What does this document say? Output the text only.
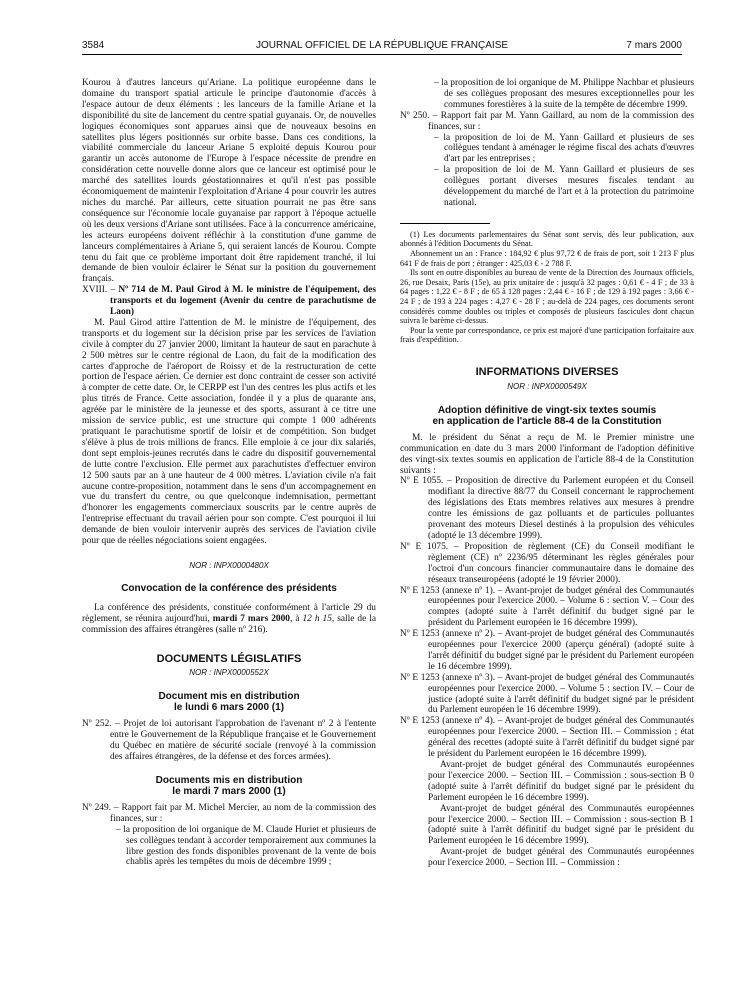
3584	JOURNAL OFFICIEL DE LA RÉPUBLIQUE FRANÇAISE	7 mars 2000

Kourou à d'autres lanceurs qu'Ariane. La politique européenne dans le domaine du transport spatial articule le principe d'autonomie d'accès à l'espace autour de deux éléments : les lanceurs de la famille Ariane et la disponibilité du site de lancement du centre spatial guyanais. Or, de nouvelles logiques économiques sont apparues ainsi que de nouveaux besoins en satellites plus légers positionnés sur orbite basse. Dans ces conditions, la viabilité commerciale du lanceur Ariane 5 exploité depuis Kourou pour garantir un accès autonome de l'Europe à l'espace nécessite de prendre en considération cette nouvelle donne alors que ce lanceur est optimisé pour le marché des satellites lourds géostationnaires et qu'il n'est pas possible économiquement de maintenir l'exploitation d'Ariane 4 pour couvrir les autres niches du marché. Par ailleurs, cette situation pourrait ne pas être sans conséquence sur l'économie locale guyanaise par rapport à l'époque actuelle où les deux versions d'Ariane sont utilisées. Face à la concurrence américaine, les acteurs européens doivent réfléchir à la constitution d'une gamme de lanceurs complémentaires à Ariane 5, qui seraient lancés de Kourou. Compte tenu du fait que ce problème important doit être rapidement tranché, il lui demande de bien vouloir éclairer le Sénat sur la position du gouvernement français.

XVIII. – Nº 714 de M. Paul Girod à M. le ministre de l'équipement, des transports et du logement (Avenir du centre de parachutisme de Laon)

M. Paul Girod attire l'attention de M. le ministre de l'équipement, des transports et du logement sur la décision prise par les services de l'aviation civile à compter du 27 janvier 2000, limitant la hauteur de saut en parachute à 2 500 mètres sur le centre régional de Laon, du fait de la modification des cartes d'approche de l'aéroport de Roissy et de la restructuration de cette portion de l'espace aérien. Ce dernier est donc contraint de cesser son activité à compter de cette date. Or, le CERPP est l'un des centres les plus actifs et les plus titrés de France. Cette association, fondée il y a plus de quarante ans, agréée par le ministère de la jeunesse et des sports, assurant à ce titre une mission de service public, est une structure qui compte 1 000 adhérents pratiquant le parachutisme sportif de loisir et de compétition. Son budget s'élève à plus de trois millions de francs. Elle emploie à ce jour dix salariés, dont sept emplois-jeunes recrutés dans le cadre du dispositif gouvernemental de lutte contre l'exclusion. Elle permet aux parachutistes d'effectuer environ 12 500 sauts par an à une hauteur de 4 000 mètres. L'aviation civile n'a fait aucune contre-proposition, notamment dans le sens d'un accompagnement en vue du transfert du centre, ou que quelconque indemnisation, permettant d'honorer les engagements commerciaux souscrits par le centre auprès de l'entreprise effectuant du travail aérien pour son compte. C'est pourquoi il lui demande de bien vouloir intervenir auprès des services de l'aviation civile pour que de réelles négociations soient engagées.

NOR : INPX0000480X
Convocation de la conférence des présidents

La conférence des présidents, constituée conformément à l'article 29 du règlement, se réunira aujourd'hui, mardi 7 mars 2000, à 12 h 15, salle de la commission des affaires étrangères (salle nº 216).

DOCUMENTS LÉGISLATIFS
NOR : INPX0000552X
Document mis en distribution
le lundi 6 mars 2000 (1)

Nº 252. – Projet de loi autorisant l'approbation de l'avenant nº 2 à l'entente entre le Gouvernement de la République française et le Gouvernement du Québec en matière de sécurité sociale (renvoyé à la commission des affaires étrangères, de la défense et des forces armées).

Documents mis en distribution
le mardi 7 mars 2000 (1)

Nº 249. – Rapport fait par M. Michel Mercier, au nom de la commission des finances, sur :

– la proposition de loi organique de M. Claude Huriet et plusieurs de ses collègues tendant à accorder temporairement aux communes la libre gestion des fonds disponibles provenant de la vente de bois chablis après les tempêtes du mois de décembre 1999 ;

– la proposition de loi organique de M. Philippe Nachbar et plusieurs de ses collègues proposant des mesures exceptionnelles pour les communes forestières à la suite de la tempête de décembre 1999.

Nº 250. – Rapport fait par M. Yann Gaillard, au nom de la commission des finances, sur :

– la proposition de loi de M. Yann Gaillard et plusieurs de ses collègues tendant à aménager le régime fiscal des achats d'œuvres d'art par les entreprises ;

– la proposition de loi de M. Yann Gaillard et plusieurs de ses collègues portant diverses mesures fiscales tendant au développement du marché de l'art et à la protection du patrimoine national.

(1) Les documents parlementaires du Sénat sont servis, dès leur publication, aux abonnés à l'édition Documents du Sénat.

Abonnement un an : France : 184,92 € plus 97,72 € de frais de port, soit 1 213 F plus 641 F de frais de port ; étranger : 425,03 € - 2 788 F.

Ils sont en outre disponibles au bureau de vente de la Direction des Journaux officiels, 26, rue Desaix, Paris (15e), au prix unitaire de : jusqu'à 32 pages : 0,61 € - 4 F ; de 33 à 64 pages : 1,22 € - 8 F ; de 65 à 128 pages : 2,44 € - 16 F ; de 129 à 192 pages : 3,66 € - 24 F ; de 193 à 224 pages : 4,27 € - 28 F ; au-delà de 224 pages, ces documents seront considérés comme doubles ou triples et composés de plusieurs fascicules dont chacun suivra le barème ci-dessus.

Pour la vente par correspondance, ce prix est majoré d'une participation forfaitaire aux frais d'expédition.

INFORMATIONS DIVERSES
NOR : INPX0000549X
Adoption définitive de vingt-six textes soumis
en application de l'article 88-4 de la Constitution

M. le président du Sénat a reçu de M. le Premier ministre une communication en date du 3 mars 2000 l'informant de l'adoption définitive des vingt-six textes soumis en application de l'article 88-4 de la Constitution suivants :

Nº E 1055. – Proposition de directive du Parlement européen et du Conseil modifiant la directive 88/77 du Conseil concernant le rapprochement des législations des Etats membres relatives aux mesures à prendre contre les émissions de gaz polluants et de particules polluantes provenant des moteurs Diesel destinés à la propulsion des véhicules (adopté le 13 décembre 1999).

Nº E 1075. – Proposition de règlement (CE) du Conseil modifiant le règlement (CE) nº 2236/95 déterminant les règles générales pour l'octroi d'un concours financier communautaire dans le domaine des réseaux transeuropéens (adopté le 19 février 2000).

Nº E 1253 (annexe nº 1). – Avant-projet de budget général des Communautés européennes pour l'exercice 2000. – Volume 6 : section V. – Cour des comptes (adopté suite à l'arrêt définitif du budget signé par le président du Parlement européen le 16 décembre 1999).

Nº E 1253 (annexe nº 2). – Avant-projet de budget général des Communautés européennes pour l'exercice 2000 (aperçu général) (adopté suite à l'arrêt définitif du budget signé par le président du Parlement européen le 16 décembre 1999).

Nº E 1253 (annexe nº 3). – Avant-projet de budget général des Communautés européennes pour l'exercice 2000. – Volume 5 : section IV. – Cour de justice (adopté suite à l'arrêt définitif du budget signé par le président du Parlement européen le 16 décembre 1999).

Nº E 1253 (annexe nº 4). – Avant-projet de budget général des Communautés européennes pour l'exercice 2000. – Section III. – Commission ; état général des recettes (adopté suite à l'arrêt définitif du budget signé par le président du Parlement européen le 16 décembre 1999).

Avant-projet de budget général des Communautés européennes pour l'exercice 2000. – Section III. – Commission : sous-section B 0 (adopté suite à l'arrêt définitif du budget signé par le président du Parlement européen le 16 décembre 1999).

Avant-projet de budget général des Communautés européennes pour l'exercice 2000. – Section III. – Commission : sous-section B 1 (adopté suite à l'arrêt définitif du budget signé par le président du Parlement européen le 16 décembre 1999).

Avant-projet de budget général des Communautés européennes pour l'exercice 2000. – Section III. – Commission :
